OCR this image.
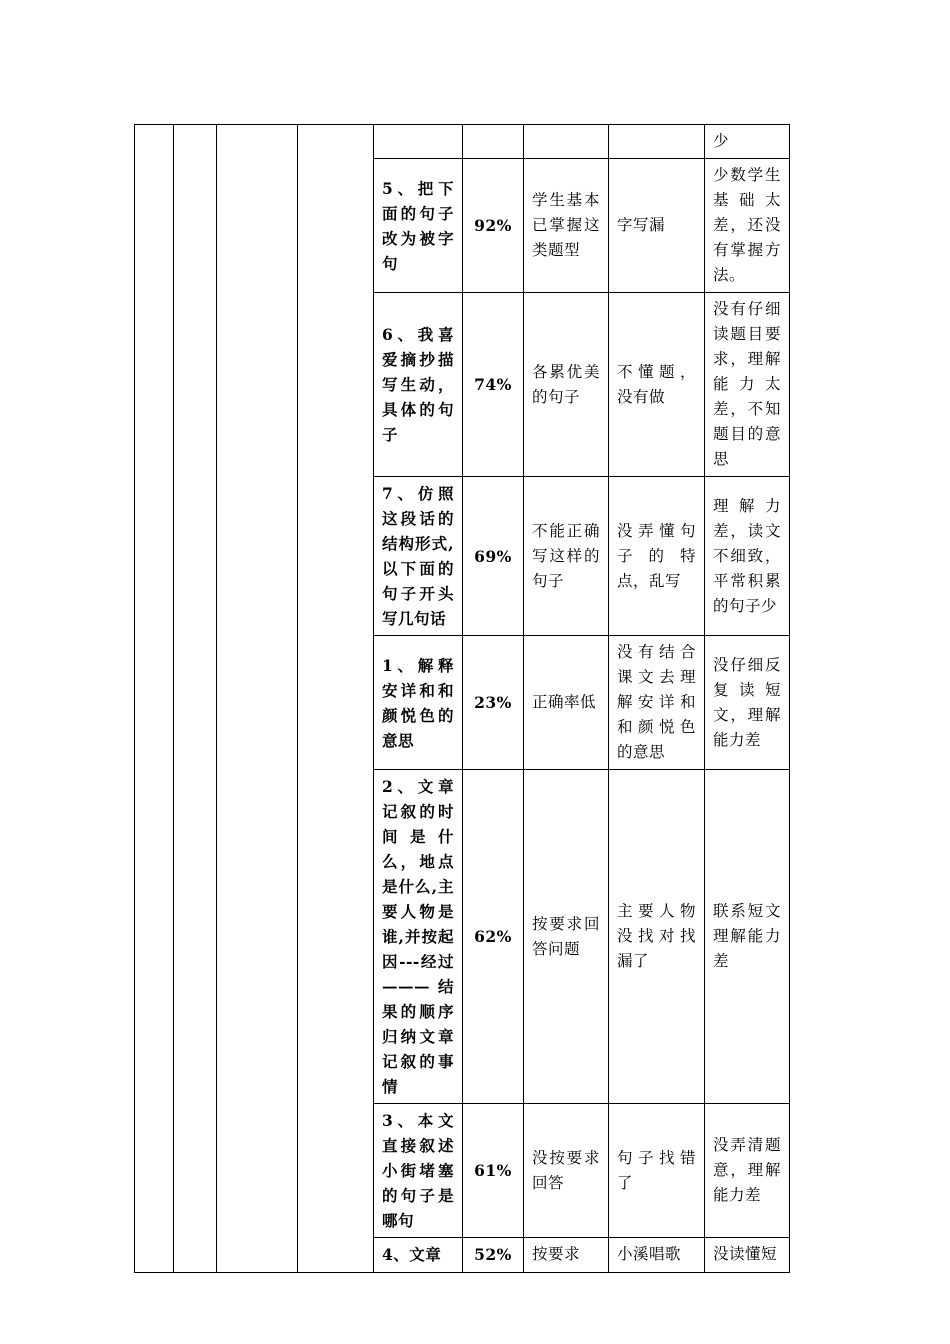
								少
				5、把下面的句子改为被字句	92%	学生基本已掌握这类题型	字写漏	少数学生基础太差，还没有掌握方法。
				6、我喜爱摘抄描写生动，具体的句子	74%	各累优美的句子	不懂题，没有做	没有仔细读题目要求，理解能力太差，不知题目的意思
				7、仿照这段话的结构形式,以下面的句子开头写几句话	69%	不能正确写这样的句子	没弄懂句子的特点，乱写	理解力差，读文不细致，平常积累的句子少
				1、解释安详和和颜悦色的意思	23%	正确率低	没有结合课文去理解安详和和颜悦色的意思	没仔细反复读短文，理解能力差
				2、文章记叙的时间是什么，地点是什么,主要人物是谁,并按起因---经过———结果的顺序归纳文章记叙的事情	62%	按要求回答问题	主要人物没找对找漏了	联系短文理解能力差
				3、本文直接叙述小街堵塞的句子是哪句	61%	没按要求回答	句子找错了	没弄清题意，理解能力差
				4、文章	52%	按要求	小溪唱歌	没读懂短
